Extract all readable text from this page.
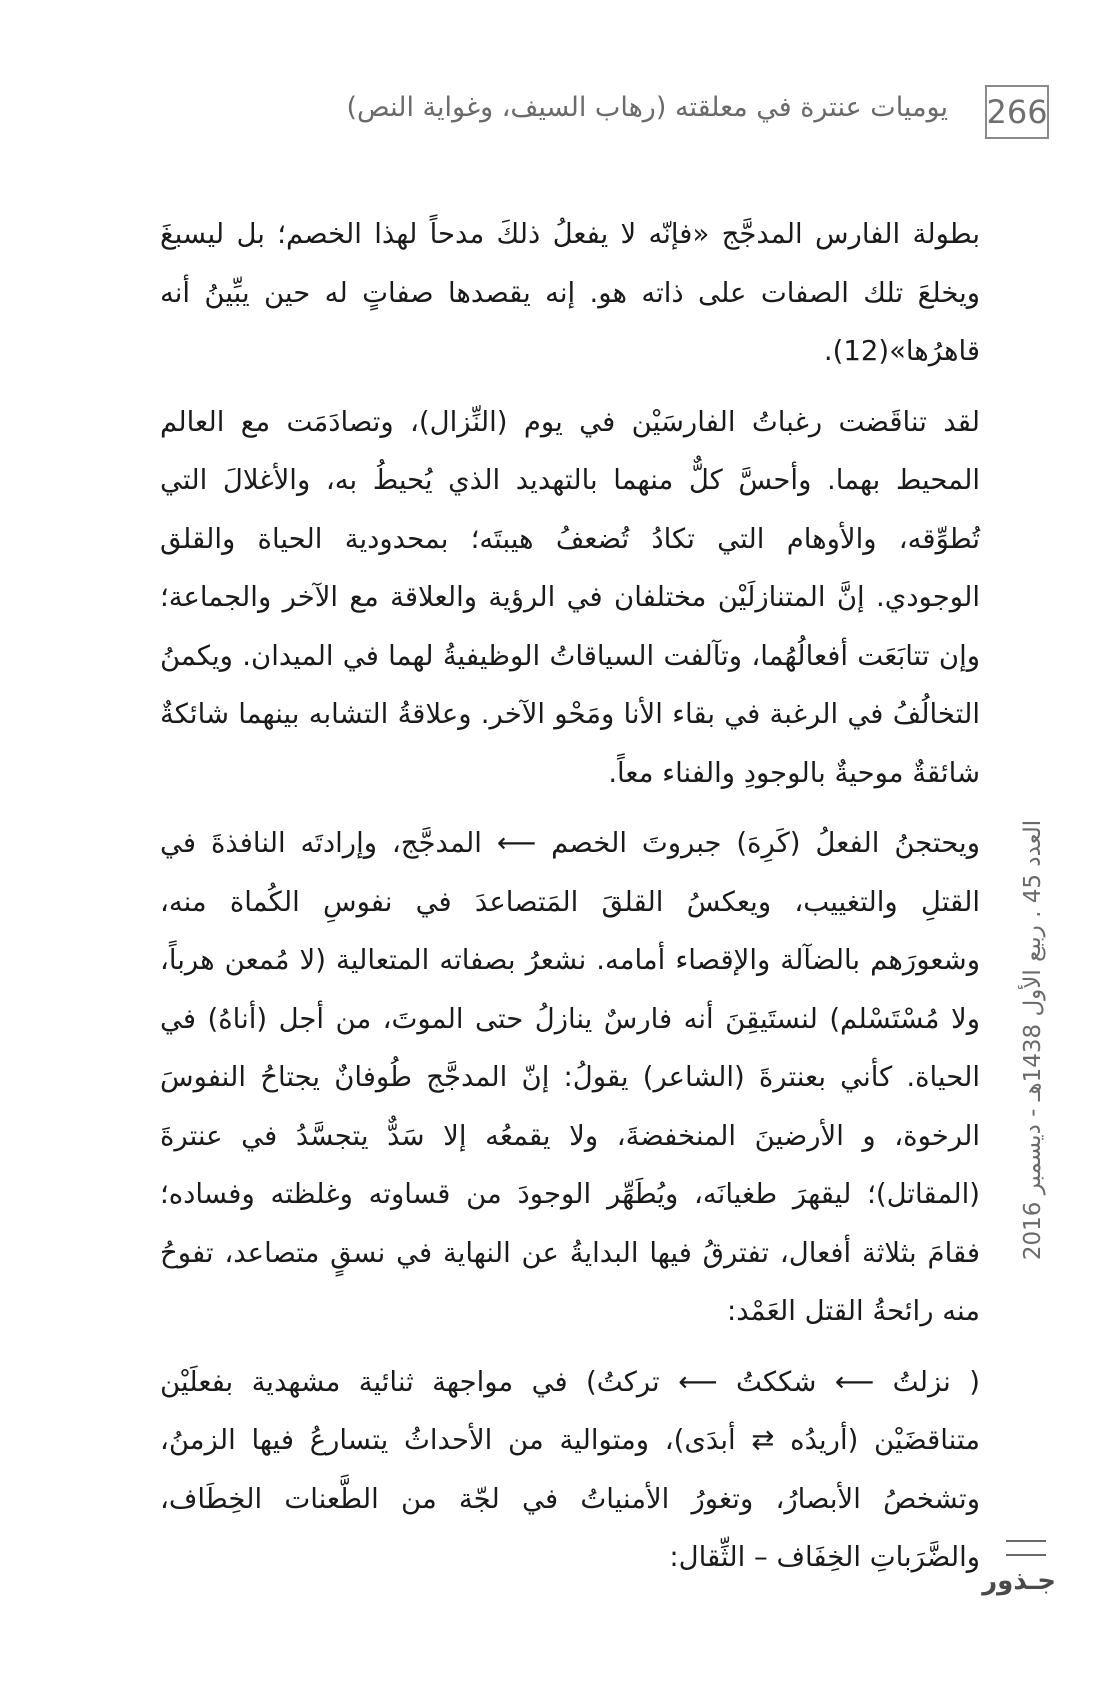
266
يوميات عنترة في معلقته (رهاب السيف، وغواية النص)

بطولة الفارس المدجَّج «فإنّه لا يفعلُ ذلكَ مدحاً لهذا الخصم؛ بل ليسبغَ ويخلعَ تلك الصفات على ذاته هو. إنه يقصدها صفاتٍ له حين يبِّينُ أنه قاهرُها»(12).

لقد تناقَضت رغباتُ الفارسَيْن في يوم (النِّزال)، وتصادَمَت مع العالم المحيط بهما. وأحسَّ كلٌّ منهما بالتهديد الذي يُحيطُ به، والأغلالَ التي تُطوِّقه، والأوهام التي تكادُ تُضعفُ هيبتَه؛ بمحدودية الحياة والقلق الوجودي. إنَّ المتنازلَيْن مختلفان في الرؤية والعلاقة مع الآخر والجماعة؛ وإن تتابَعَت أفعالُهُما، وتآلفت السياقاتُ الوظيفيةُ لهما في الميدان. ويكمنُ التخالُفُ في الرغبة في بقاء الأنا ومَحْو الآخر. وعلاقةُ التشابه بينهما شائكةٌ شائقةٌ موحيةٌ بالوجودِ والفناء معاً.

ويحتجنُ الفعلُ (كَرِهَ) جبروتَ الخصم ⟵ المدجَّج، وإرادتَه النافذةَ في القتلِ والتغييب، ويعكسُ القلقَ المَتصاعدَ في نفوسِ الكُماة منه، وشعورَهم بالضآلة والإقصاء أمامه. نشعرُ بصفاته المتعالية (لا مُمعن هرباً، ولا مُسْتَسْلم) لنستَيقِنَ أنه فارسٌ ينازلُ حتى الموتَ، من أجل (أناهُ) في الحياة. كأني بعنترةَ (الشاعر) يقولُ: إنّ المدجَّج طُوفانٌ يجتاحُ النفوسَ الرخوة، و الأرضينَ المنخفضةَ، ولا يقمعُه إلا سَدٌّ يتجسَّدُ في عنترةَ (المقاتل)؛ ليقهرَ طغيانَه، ويُطَهِّر الوجودَ من قساوته وغلظته وفساده؛ فقامَ بثلاثة أفعال، تفترقُ فيها البدايةُ عن النهاية في نسقٍ متصاعد، تفوحُ منه رائحةُ القتل العَمْد:

( نزلتُ ⟵ شككتُ ⟵ تركتُ) في مواجهة ثنائية مشهدية بفعلَيْن متناقضَيْن (أريدُه ⇄ أبدَى)، ومتوالية من الأحداثُ يتسارعُ فيها الزمنُ، وتشخصُ الأبصارُ، وتغورُ الأمنياتُ في لجّة من الطَّعنات الخِطَاف، والضَّرَباتِ الخِفَاف – الثِّقال:

العدد 45 . ربيع الأول 1438هـ - ديسمبر 2016
جـذور
